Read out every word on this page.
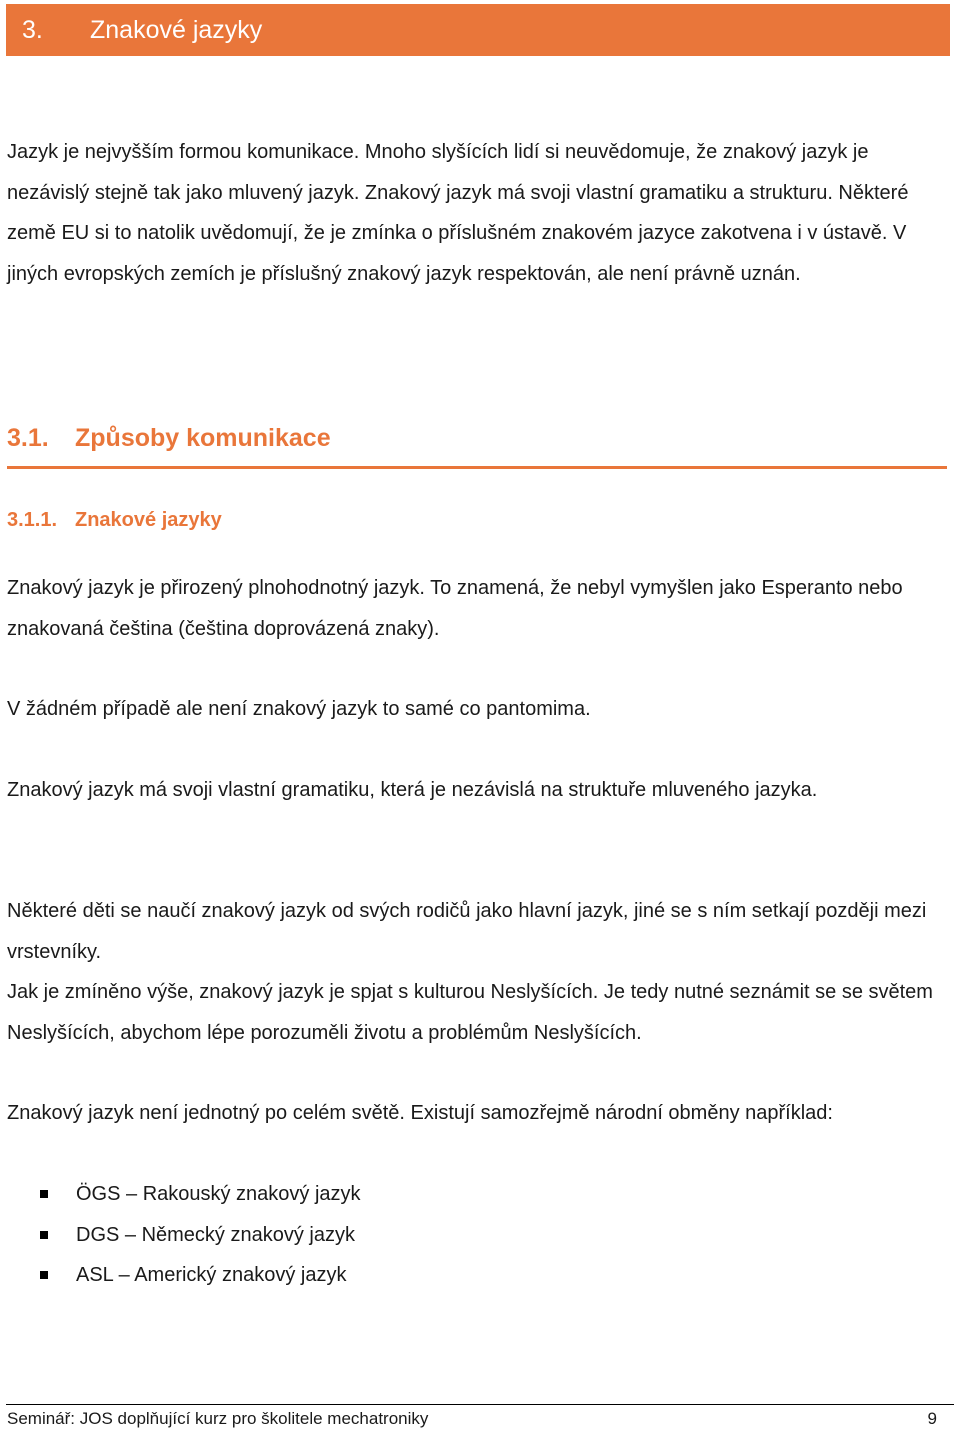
3. Znakové jazyky

Jazyk je nejvyšším formou komunikace. Mnoho slyšících lidí si neuvědomuje, že znakový jazyk je nezávislý stejně tak jako mluvený jazyk. Znakový jazyk má svoji vlastní gramatiku a strukturu. Některé země EU si to natolik uvědomují, že je zmínka o příslušném znakovém jazyce zakotvena i v ústavě. V jiných evropských zemích je příslušný znakový jazyk respektován, ale není právně uznán.

3.1. Způsoby komunikace
3.1.1. Znakové jazyky

Znakový jazyk je přirozený plnohodnotný jazyk. To znamená, že nebyl vymyšlen jako Esperanto nebo znakovaná čeština (čeština doprovázená znaky).

V žádném případě ale není znakový jazyk to samé co pantomima.

Znakový jazyk má svoji vlastní gramatiku, která je nezávislá na struktuře mluveného jazyka.

Některé děti se naučí znakový jazyk od svých rodičů jako hlavní jazyk, jiné se s ním setkají později mezi vrstevníky.

Jak je zmíněno výše, znakový jazyk je spjat s kulturou Neslyšících. Je tedy nutné seznámit se se světem Neslyšících, abychom lépe porozuměli životu a problémům Neslyšících.

Znakový jazyk není jednotný po celém světě. Existují samozřejmě národní obměny například:

ÖGS – Rakouský znakový jazyk
DGS – Německý znakový jazyk
ASL – Americký znakový jazyk

Seminář: JOS doplňující kurz pro školitele mechatroniky	9
